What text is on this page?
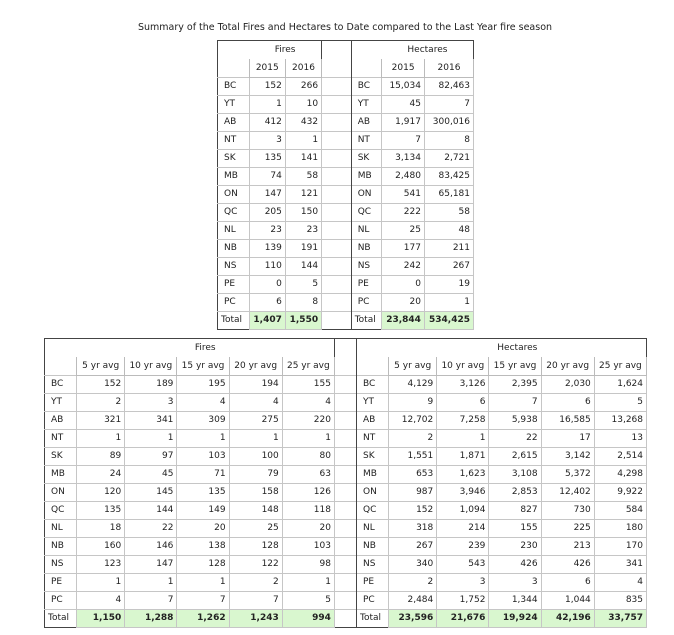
Summary of the Total Fires and Hectares to Date compared to the Last Year fire season
	Fires				Hectares	
	2015	2016			2015	2016
BC	152	266		BC	15,034	82,463
YT	1	10		YT	45	7
AB	412	432		AB	1,917	300,016
NT	3	1		NT	7	8
SK	135	141		SK	3,134	2,721
MB	74	58		MB	2,480	83,425
ON	147	121		ON	541	65,181
QC	205	150		QC	222	58
NL	23	23		NL	25	48
NB	139	191		NB	177	211
NS	110	144		NS	242	267
PE	0	5		PE	0	19
PC	6	8		PC	20	1
Total	1,407	1,550		Total	23,844	534,425
	Fires							Hectares				
	5 yr avg	10 yr avg	15 yr avg	20 yr avg	25 yr avg			5 yr avg	10 yr avg	15 yr avg	20 yr avg	25 yr avg
BC	152	189	195	194	155		BC	4,129	3,126	2,395	2,030	1,624
YT	2	3	4	4	4		YT	9	6	7	6	5
AB	321	341	309	275	220		AB	12,702	7,258	5,938	16,585	13,268
NT	1	1	1	1	1		NT	2	1	22	17	13
SK	89	97	103	100	80		SK	1,551	1,871	2,615	3,142	2,514
MB	24	45	71	79	63		MB	653	1,623	3,108	5,372	4,298
ON	120	145	135	158	126		ON	987	3,946	2,853	12,402	9,922
QC	135	144	149	148	118		QC	152	1,094	827	730	584
NL	18	22	20	25	20		NL	318	214	155	225	180
NB	160	146	138	128	103		NB	267	239	230	213	170
NS	123	147	128	122	98		NS	340	543	426	426	341
PE	1	1	1	2	1		PE	2	3	3	6	4
PC	4	7	7	7	5		PC	2,484	1,752	1,344	1,044	835
Total	1,150	1,288	1,262	1,243	994		Total	23,596	21,676	19,924	42,196	33,757
